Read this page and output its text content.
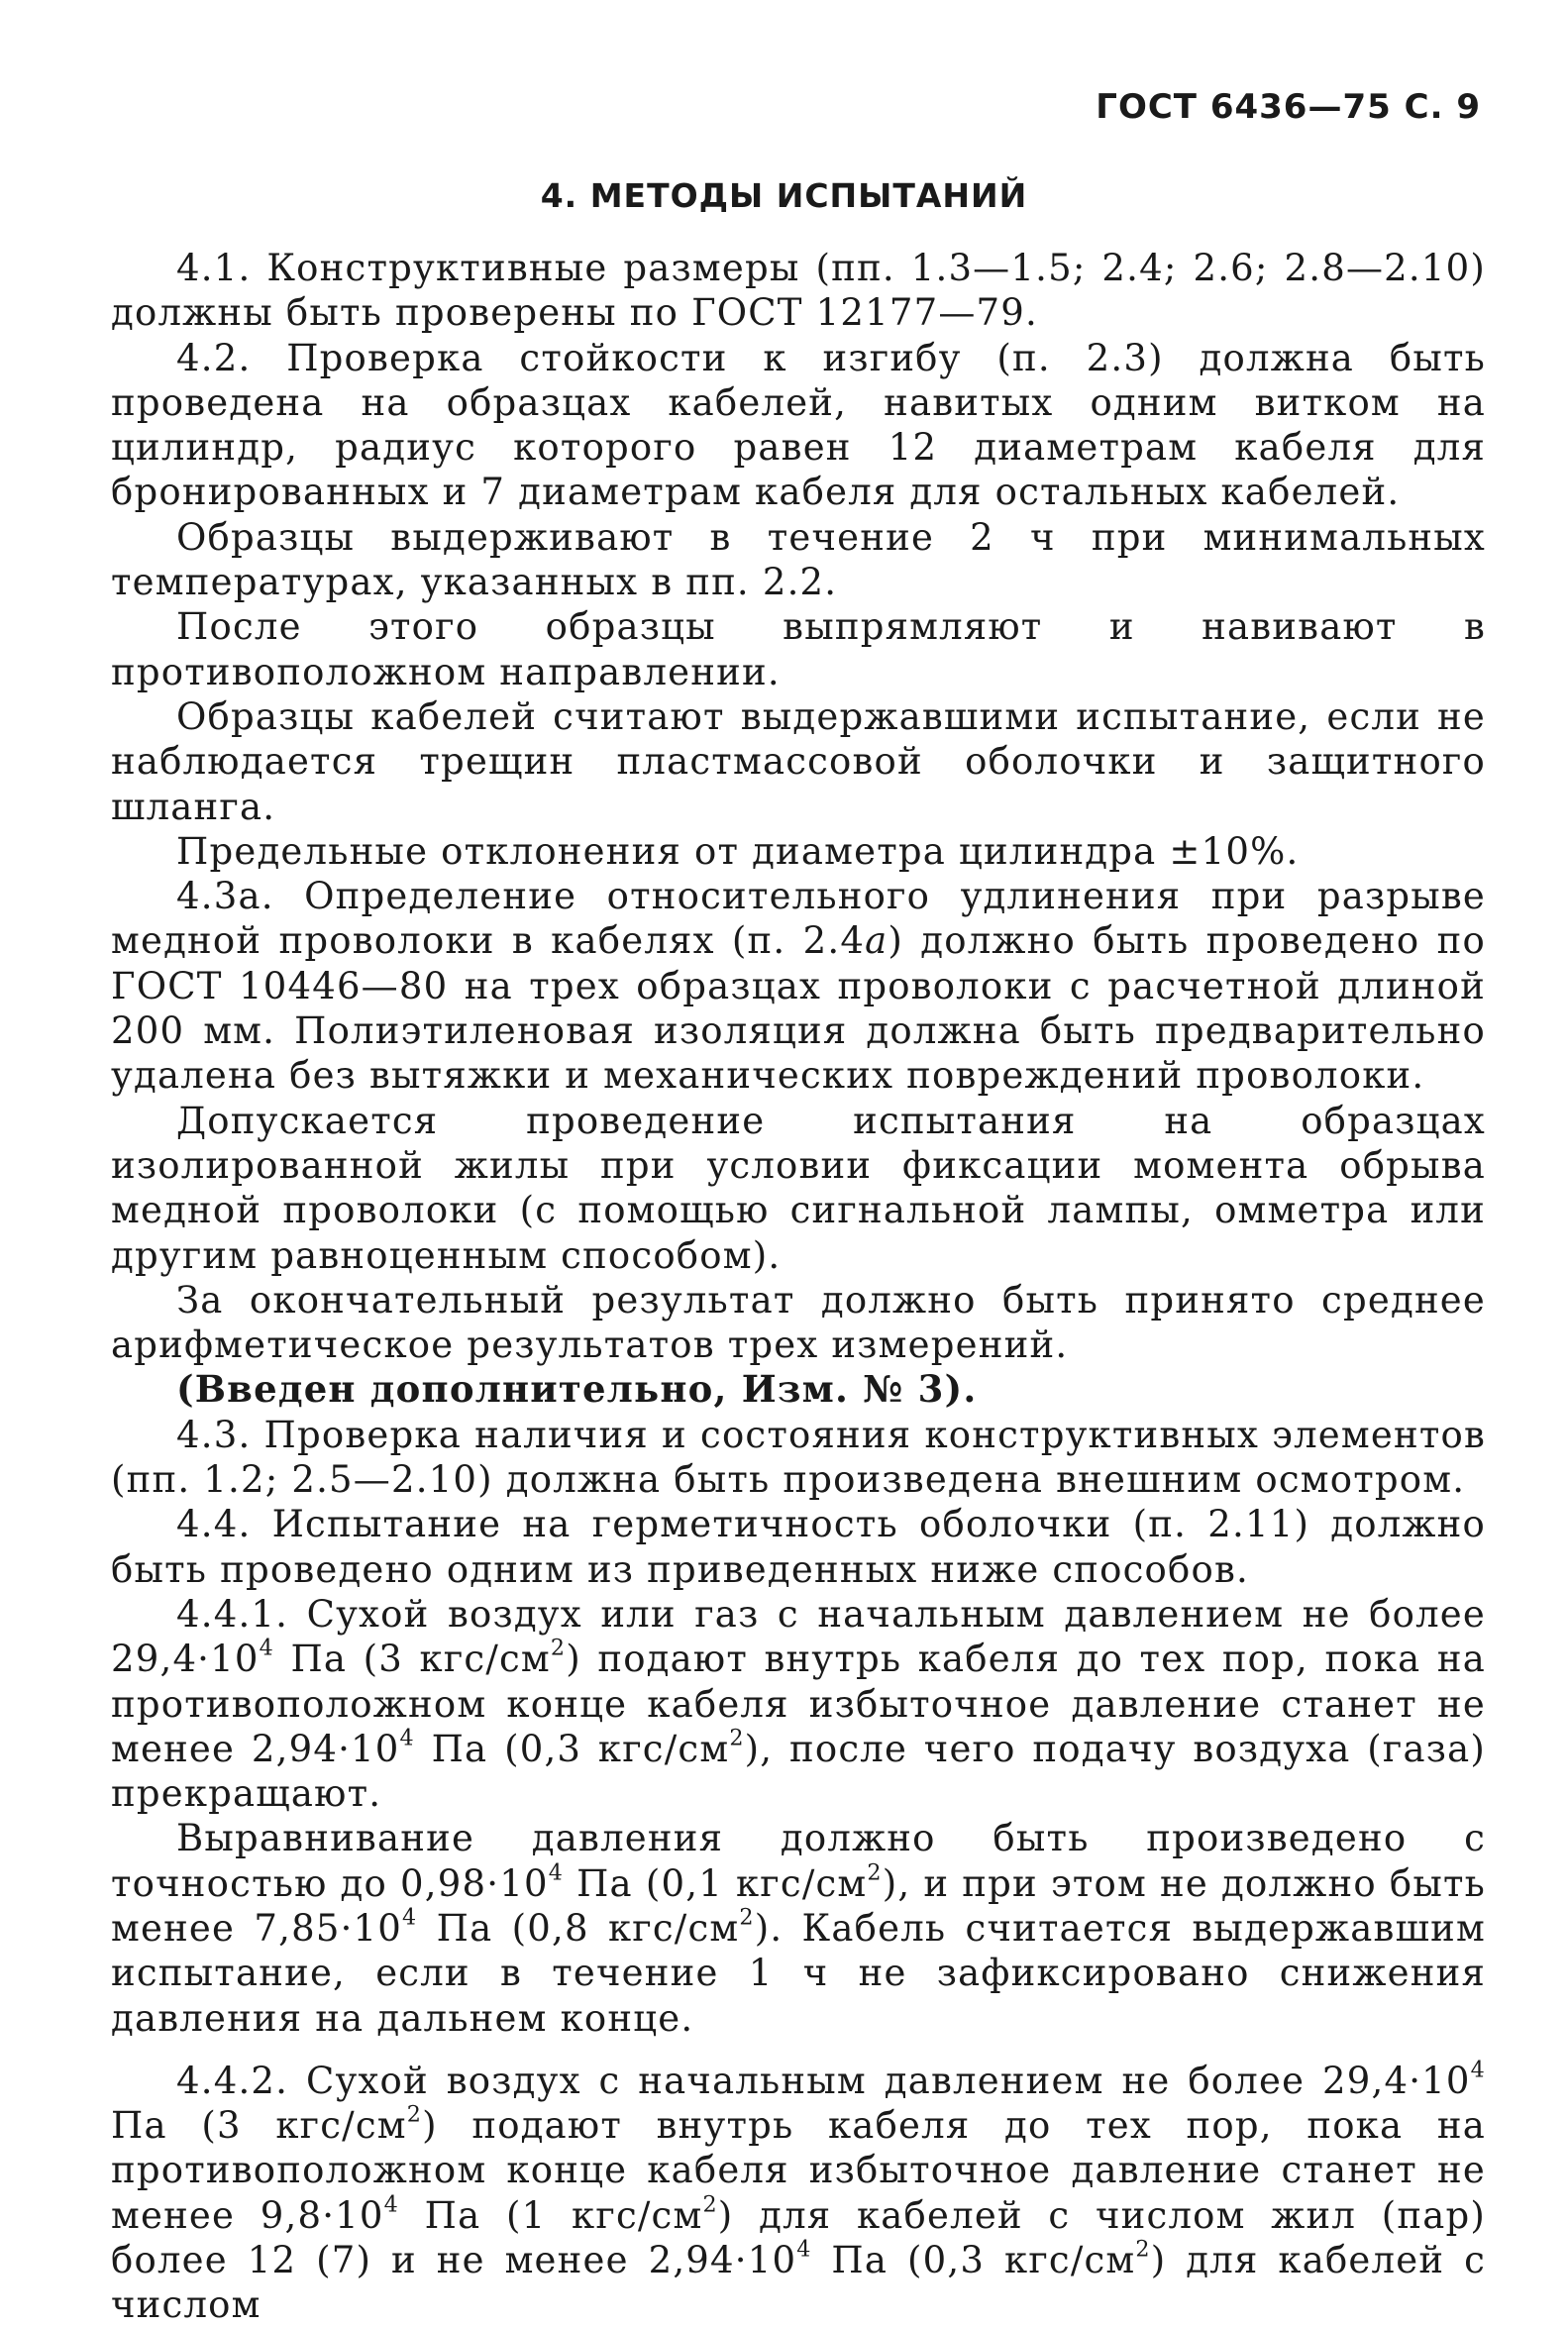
ГОСТ 6436—75 С. 9
4. МЕТОДЫ ИСПЫТАНИЙ

4.1. Конструктивные размеры (пп. 1.3—1.5; 2.4; 2.6; 2.8—2.10) должны быть проверены по ГОСТ 12177—79.

4.2. Проверка стойкости к изгибу (п. 2.3) должна быть проведена на образцах кабелей, навитых одним витком на цилиндр, радиус которого равен 12 диаметрам кабеля для бронированных и 7 диаметрам кабеля для остальных кабелей.

Образцы выдерживают в течение 2 ч при минимальных температурах, указанных в пп. 2.2.

После этого образцы выпрямляют и навивают в противоположном направлении.

Образцы кабелей считают выдержавшими испытание, если не наблюдается трещин пластмассовой оболочки и защитного шланга.

Предельные отклонения от диаметра цилиндра ±10%.

4.3а. Определение относительного удлинения при разрыве медной проволоки в кабелях (п. 2.4а) должно быть проведено по ГОСТ 10446—80 на трех образцах проволоки с расчетной длиной 200 мм. Полиэтиленовая изоляция должна быть предварительно удалена без вытяжки и механических повреждений проволоки.

Допускается проведение испытания на образцах изолированной жилы при условии фиксации момента обрыва медной проволоки (с помощью сигнальной лампы, омметра или другим равноценным способом).

За окончательный результат должно быть принято среднее арифметическое результатов трех измерений.

(Введен дополнительно, Изм. № 3).

4.3. Проверка наличия и состояния конструктивных элементов (пп. 1.2; 2.5—2.10) должна быть произведена внешним осмотром.

4.4. Испытание на герметичность оболочки (п. 2.11) должно быть проведено одним из приведенных ниже способов.

4.4.1. Сухой воздух или газ с начальным давлением не более $29,4\cdot 10^4$ Па (3 кгс/$см^2$) подают внутрь кабеля до тех пор, пока на противоположном конце кабеля избыточное давление станет не менее $2,94\cdot 10^4$ Па (0,3 кгс/$см^2$), после чего подачу воздуха (газа) прекращают.

Выравнивание давления должно быть произведено с точностью до $0,98\cdot 10^4$ Па (0,1 кгс/$см^2$), и при этом не должно быть менее $7,85\cdot 10^4$ Па (0,8 кгс/$см^2$). Кабель считается выдержавшим испытание, если в течение 1 ч не зафиксировано снижения давления на дальнем конце.

4.4.2. Сухой воздух с начальным давлением не более $29,4\cdot 10^4$ Па (3 кгс/$см^2$) подают внутрь кабеля до тех пор, пока на противоположном конце кабеля избыточное давление станет не менее $9,8\cdot 10^4$ Па (1 кгс/$см^2$) для кабелей с числом жил (пар) более 12 (7) и не менее $2,94\cdot 10^4$ Па (0,3 кгс/$см^2$) для кабелей с числом
